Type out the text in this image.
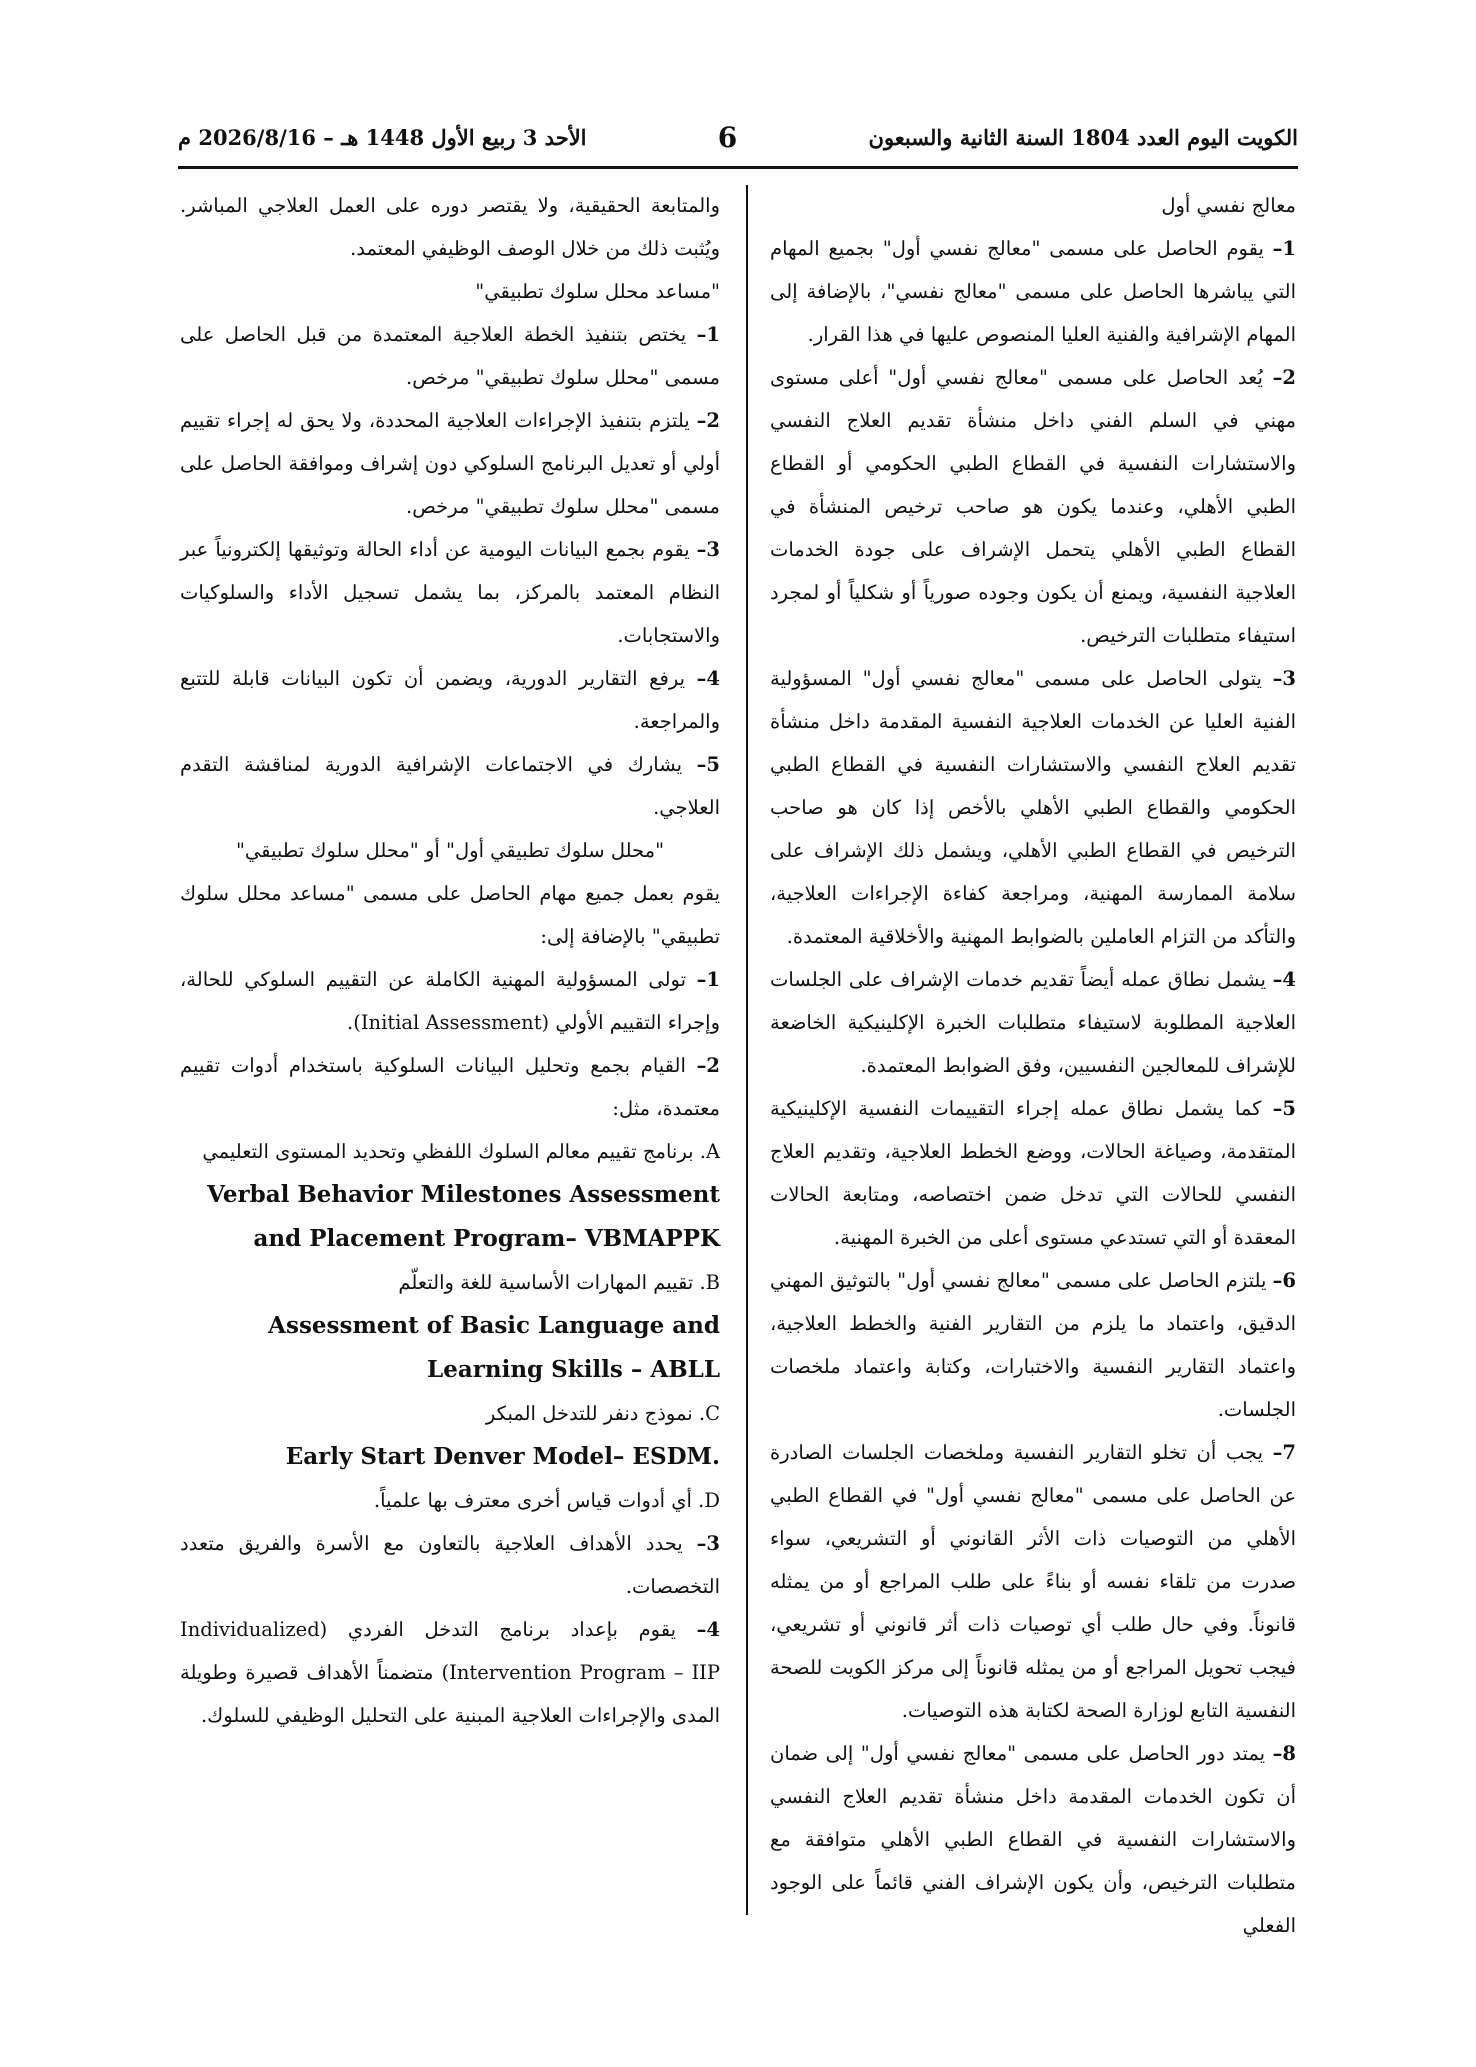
الكويت اليوم العدد 1804 السنة الثانية والسبعون
6
الأحد 3 ربيع الأول 1448 هـ – 2026/8/16 م

معالج نفسي أول

1– يقوم الحاصل على مسمى "معالج نفسي أول" بجميع المهام التي يباشرها الحاصل على مسمى "معالج نفسي"، بالإضافة إلى المهام الإشرافية والفنية العليا المنصوص عليها في هذا القرار.

2– يُعد الحاصل على مسمى "معالج نفسي أول" أعلى مستوى مهني في السلم الفني داخل منشأة تقديم العلاج النفسي والاستشارات النفسية في القطاع الطبي الحكومي أو القطاع الطبي الأهلي، وعندما يكون هو صاحب ترخيص المنشأة في القطاع الطبي الأهلي يتحمل الإشراف على جودة الخدمات العلاجية النفسية، ويمنع أن يكون وجوده صورياً أو شكلياً أو لمجرد استيفاء متطلبات الترخيص.

3– يتولى الحاصل على مسمى "معالج نفسي أول" المسؤولية الفنية العليا عن الخدمات العلاجية النفسية المقدمة داخل منشأة تقديم العلاج النفسي والاستشارات النفسية في القطاع الطبي الحكومي والقطاع الطبي الأهلي بالأخص إذا كان هو صاحب الترخيص في القطاع الطبي الأهلي، ويشمل ذلك الإشراف على سلامة الممارسة المهنية، ومراجعة كفاءة الإجراءات العلاجية، والتأكد من التزام العاملين بالضوابط المهنية والأخلاقية المعتمدة.

4– يشمل نطاق عمله أيضاً تقديم خدمات الإشراف على الجلسات العلاجية المطلوبة لاستيفاء متطلبات الخبرة الإكلينيكية الخاضعة للإشراف للمعالجين النفسيين، وفق الضوابط المعتمدة.

5– كما يشمل نطاق عمله إجراء التقييمات النفسية الإكلينيكية المتقدمة، وصياغة الحالات، ووضع الخطط العلاجية، وتقديم العلاج النفسي للحالات التي تدخل ضمن اختصاصه، ومتابعة الحالات المعقدة أو التي تستدعي مستوى أعلى من الخبرة المهنية.

6– يلتزم الحاصل على مسمى "معالج نفسي أول" بالتوثيق المهني الدقيق، واعتماد ما يلزم من التقارير الفنية والخطط العلاجية، واعتماد التقارير النفسية والاختبارات، وكتابة واعتماد ملخصات الجلسات.

7– يجب أن تخلو التقارير النفسية وملخصات الجلسات الصادرة عن الحاصل على مسمى "معالج نفسي أول" في القطاع الطبي الأهلي من التوصيات ذات الأثر القانوني أو التشريعي، سواء صدرت من تلقاء نفسه أو بناءً على طلب المراجع أو من يمثله قانوناً. وفي حال طلب أي توصيات ذات أثر قانوني أو تشريعي، فيجب تحويل المراجع أو من يمثله قانوناً إلى مركز الكويت للصحة النفسية التابع لوزارة الصحة لكتابة هذه التوصيات.

8– يمتد دور الحاصل على مسمى "معالج نفسي أول" إلى ضمان أن تكون الخدمات المقدمة داخل منشأة تقديم العلاج النفسي والاستشارات النفسية في القطاع الطبي الأهلي متوافقة مع متطلبات الترخيص، وأن يكون الإشراف الفني قائماً على الوجود الفعلي

والمتابعة الحقيقية، ولا يقتصر دوره على العمل العلاجي المباشر. ويُثبت ذلك من خلال الوصف الوظيفي المعتمد.

"مساعد محلل سلوك تطبيقي"

1– يختص بتنفيذ الخطة العلاجية المعتمدة من قبل الحاصل على مسمى "محلل سلوك تطبيقي" مرخص.

2– يلتزم بتنفيذ الإجراءات العلاجية المحددة، ولا يحق له إجراء تقييم أولي أو تعديل البرنامج السلوكي دون إشراف وموافقة الحاصل على مسمى "محلل سلوك تطبيقي" مرخص.

3– يقوم بجمع البيانات اليومية عن أداء الحالة وتوثيقها إلكترونياً عبر النظام المعتمد بالمركز، بما يشمل تسجيل الأداء والسلوكيات والاستجابات.

4– يرفع التقارير الدورية، ويضمن أن تكون البيانات قابلة للتتبع والمراجعة.

5– يشارك في الاجتماعات الإشرافية الدورية لمناقشة التقدم العلاجي.

"محلل سلوك تطبيقي أول" أو "محلل سلوك تطبيقي"

يقوم بعمل جميع مهام الحاصل على مسمى "مساعد محلل سلوك تطبيقي" بالإضافة إلى:

1– تولى المسؤولية المهنية الكاملة عن التقييم السلوكي للحالة، وإجراء التقييم الأولي (Initial Assessment).

2– القيام بجمع وتحليل البيانات السلوكية باستخدام أدوات تقييم معتمدة، مثل:

A. برنامج تقييم معالم السلوك اللفظي وتحديد المستوى التعليمي

Verbal Behavior Milestones Assessment and Placement Program– VBMAPPK

B. تقييم المهارات الأساسية للغة والتعلّم

Assessment of Basic Language and Learning Skills – ABLL

C. نموذج دنفر للتدخل المبكر

Early Start Denver Model– ESDM.

D. أي أدوات قياس أخرى معترف بها علمياً.

3– يحدد الأهداف العلاجية بالتعاون مع الأسرة والفريق متعدد التخصصات.

4– يقوم بإعداد برنامج التدخل الفردي (Individualized Intervention Program – IIP) متضمناً الأهداف قصيرة وطويلة المدى والإجراءات العلاجية المبنية على التحليل الوظيفي للسلوك.
